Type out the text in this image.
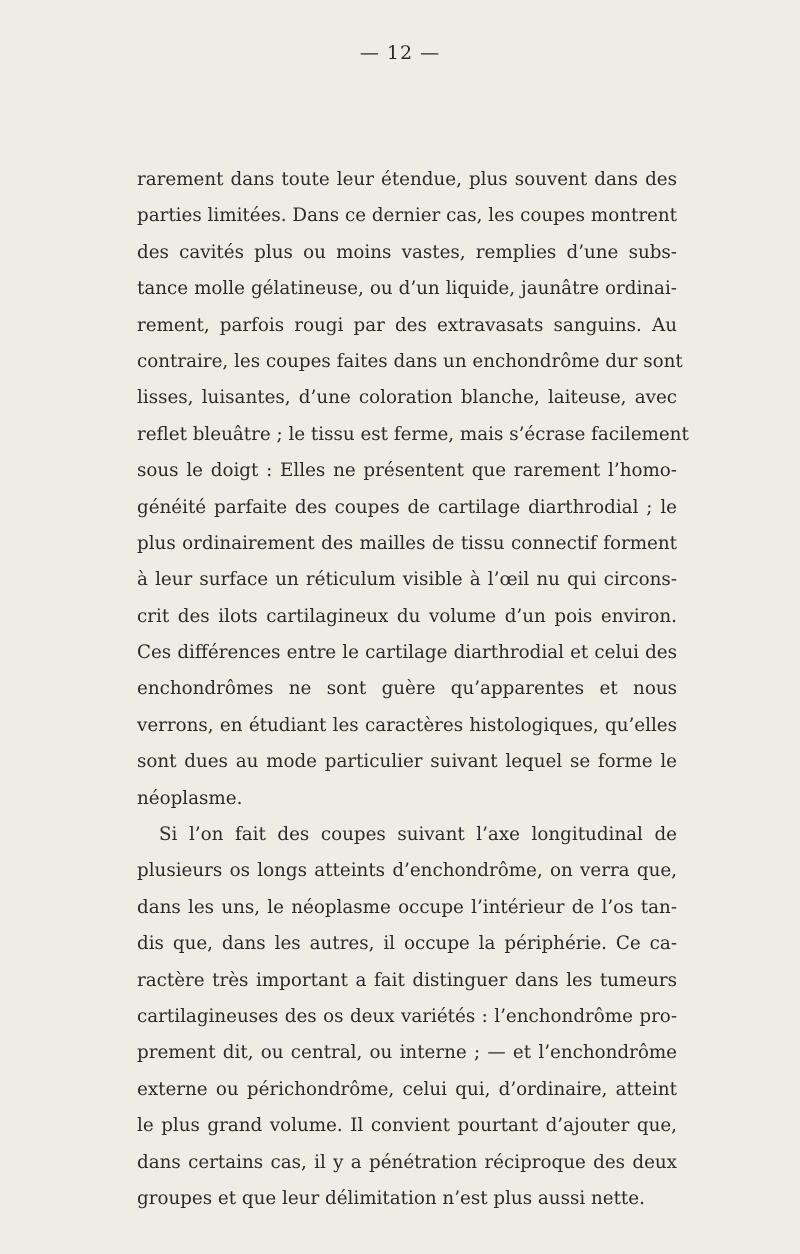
— 12 —
rarement dans toute leur étendue, plus souvent dans des
parties limitées. Dans ce dernier cas, les coupes montrent
des cavités plus ou moins vastes, remplies d’une subs-
tance molle gélatineuse, ou d’un liquide, jaunâtre ordinai-
rement, parfois rougi par des extravasats sanguins. Au
contraire, les coupes faites dans un enchondrôme dur sont
lisses, luisantes, d’une coloration blanche, laiteuse, avec
reflet bleuâtre ; le tissu est ferme, mais s’écrase facilement
sous le doigt : Elles ne présentent que rarement l’homo-
généité parfaite des coupes de cartilage diarthrodial ; le
plus ordinairement des mailles de tissu connectif forment
à leur surface un réticulum visible à l’œil nu qui circons-
crit des ilots cartilagineux du volume d’un pois environ.
Ces différences entre le cartilage diarthrodial et celui des
enchondrômes ne sont guère qu’apparentes et nous
verrons, en étudiant les caractères histologiques, qu’elles
sont dues au mode particulier suivant lequel se forme le
néoplasme.
Si l’on fait des coupes suivant l’axe longitudinal de
plusieurs os longs atteints d’enchondrôme, on verra que,
dans les uns, le néoplasme occupe l’intérieur de l’os tan-
dis que, dans les autres, il occupe la périphérie. Ce ca-
ractère très important a fait distinguer dans les tumeurs
cartilagineuses des os deux variétés : l’enchondrôme pro-
prement dit, ou central, ou interne ; — et l’enchondrôme
externe ou périchondrôme, celui qui, d’ordinaire, atteint
le plus grand volume. Il convient pourtant d’ajouter que,
dans certains cas, il y a pénétration réciproque des deux
groupes et que leur délimitation n’est plus aussi nette.
